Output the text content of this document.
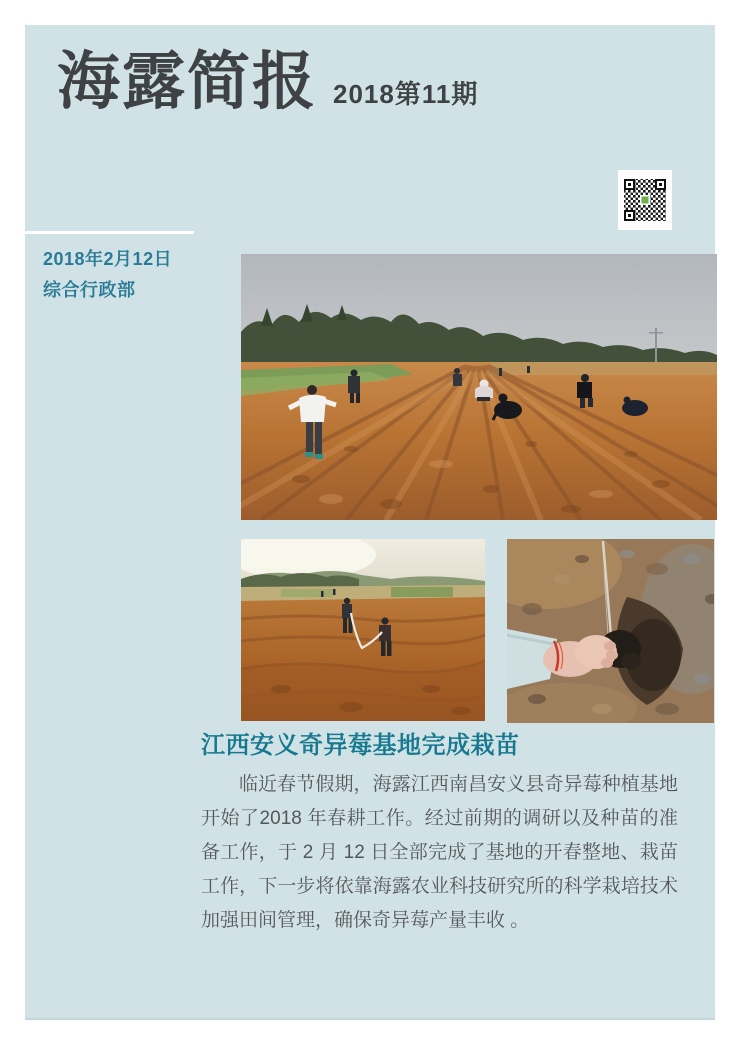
海露简报 2018第11期
2018年2月12日
综合行政部
江西安义奇异莓基地完成栽苗

临近春节假期，海露江西南昌安义县奇异莓种植基地开始了2018 年春耕工作。经过前期的调研以及种苗的准备工作，于 2 月 12 日全部完成了基地的开春整地、栽苗工作，下一步将依靠海露农业科技研究所的科学栽培技术加强田间管理，确保奇异莓产量丰收 。
